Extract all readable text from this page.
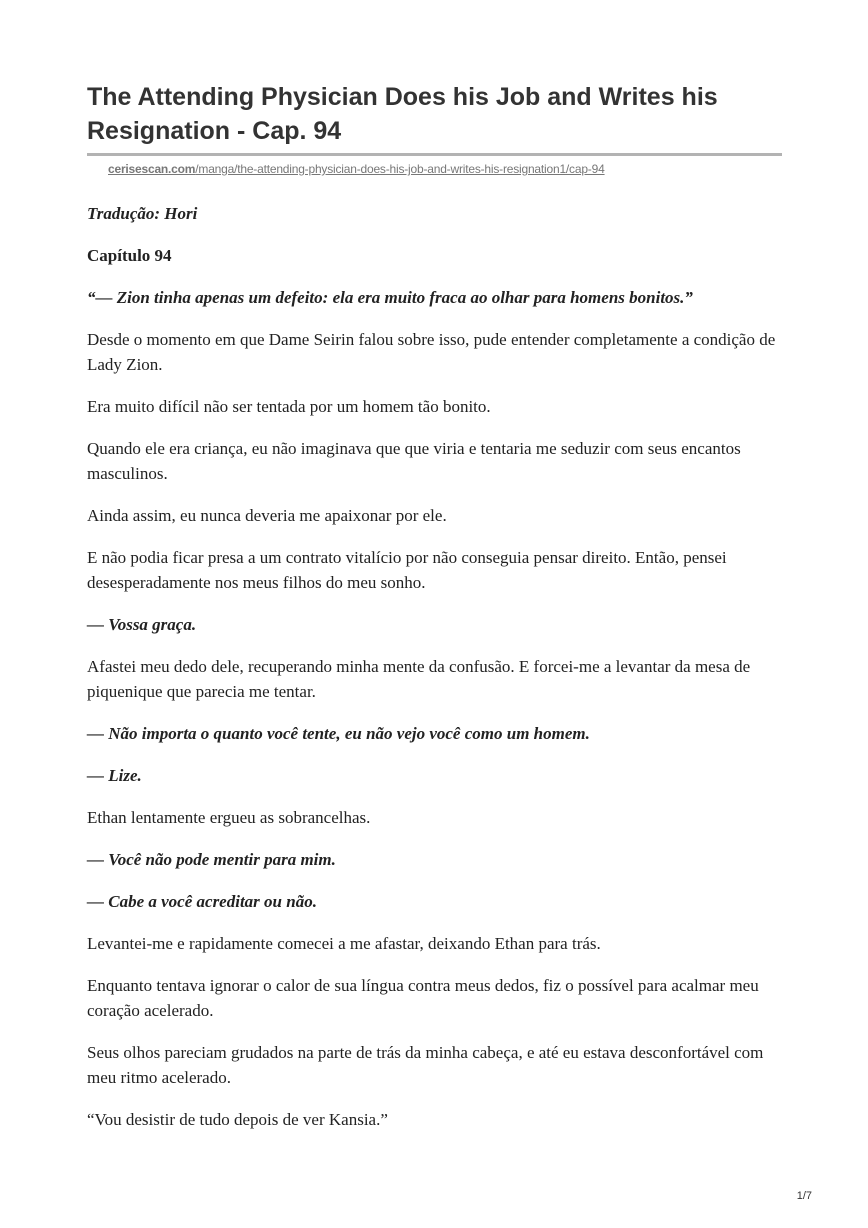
The Attending Physician Does his Job and Writes his Resignation - Cap. 94
cerisescan.com/manga/the-attending-physician-does-his-job-and-writes-his-resignation1/cap-94

Tradução: Hori

Capítulo 94

“— Zion tinha apenas um defeito: ela era muito fraca ao olhar para homens bonitos.”

Desde o momento em que Dame Seirin falou sobre isso, pude entender completamente a condição de Lady Zion.

Era muito difícil não ser tentada por um homem tão bonito.

Quando ele era criança, eu não imaginava que que viria e tentaria me seduzir com seus encantos masculinos.

Ainda assim, eu nunca deveria me apaixonar por ele.

E não podia ficar presa a um contrato vitalício por não conseguia pensar direito. Então, pensei desesperadamente nos meus filhos do meu sonho.

— Vossa graça.

Afastei meu dedo dele, recuperando minha mente da confusão. E forcei-me a levantar da mesa de piquenique que parecia me tentar.

— Não importa o quanto você tente, eu não vejo você como um homem.

— Lize.

Ethan lentamente ergueu as sobrancelhas.

— Você não pode mentir para mim.

— Cabe a você acreditar ou não.

Levantei-me e rapidamente comecei a me afastar, deixando Ethan para trás.

Enquanto tentava ignorar o calor de sua língua contra meus dedos, fiz o possível para acalmar meu coração acelerado.

Seus olhos pareciam grudados na parte de trás da minha cabeça, e até eu estava desconfortável com meu ritmo acelerado.

“Vou desistir de tudo depois de ver Kansia.”

1/7
